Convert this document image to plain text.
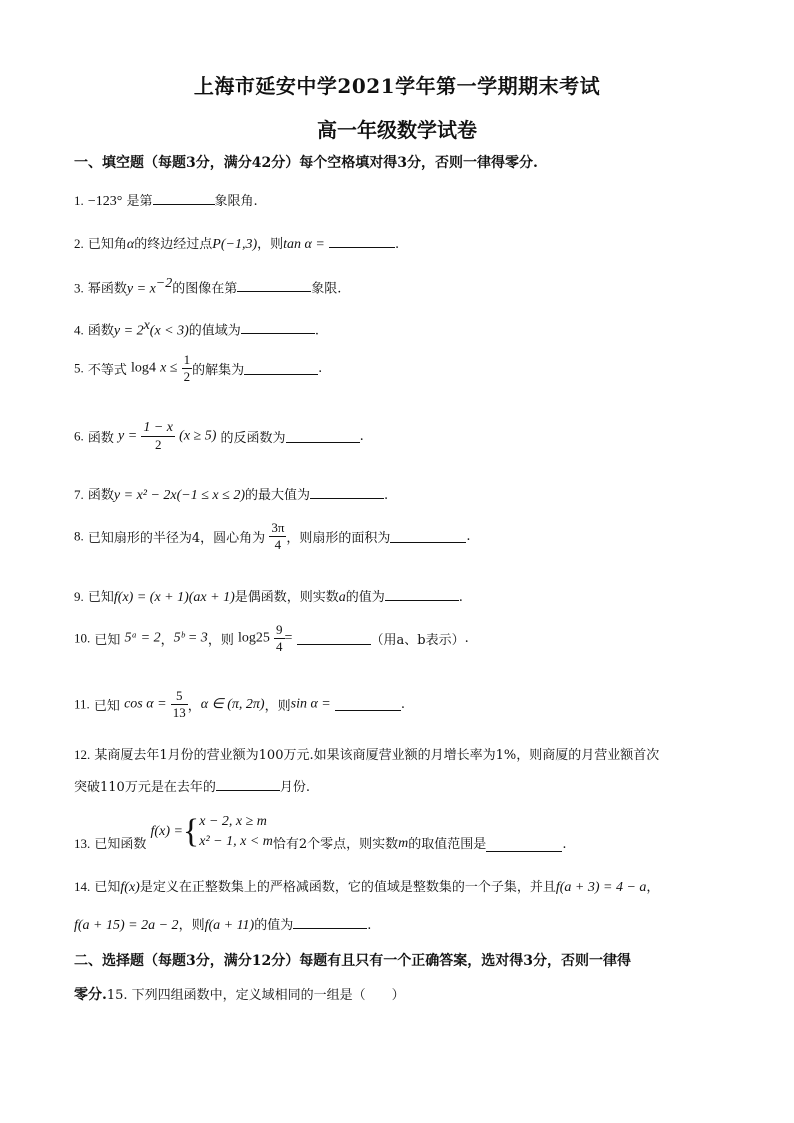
上海市延安中学2021学年第一学期期末考试
高一年级数学试卷
一、填空题（每题3分，满分42分）每个空格填对得3分，否则一律得零分.
1. −123° 是第	象限角.
2. 已知角α的终边经过点P(−1,3)，则tan α =	.
3. 幂函数$y = x^{-2}$的图像在第	象限.
4. 函数$y = 2^x(x < 3)$的值域为	.
5. 不等式 log4 $x \le \frac{1}{2}$ 的解集为	.
6. 函数 $y = \frac{1 - x}{2} (x \ge 5)$ 的反函数为	.
7. 函数y = x² − 2x(−1 ≤ x ≤ 2)的最大值为	.
8. 已知扇形的半径为4，圆心角为 $\frac{3\pi}{4}$ ，则扇形的面积为	.
9. 已知f(x) = (x + 1)(ax + 1)是偶函数，则实数a的值为	.
10. 已知 5ᵃ = 2，5ᵇ = 3，则 $\log 25 \frac{9}{4}$ =	（用a、b表示）.
11. 已知 $\cos \alpha = \frac{5}{13}$ ，α ∈ (π, 2π)，则sin α =	.
12. 某商厦去年1月份的营业额为100万元.如果该商厦营业额的月增长率为1%，则商厦的月营业额首次
突破110万元是在去年的	月份.
13. 已知函数 f(x) ={ x − 2, x ≥ m
x² − 1, x < m 恰有2个零点，则实数m的取值范围是	.
14. 已知f(x)是定义在正整数集上的严格减函数，它的值域是整数集的一个子集，并且f(a + 3) = 4 − a，
f(a + 15) = 2a − 2，则f(a + 11)的值为	.
二、选择题（每题3分，满分12分）每题有且只有一个正确答案，选对得3分，否则一律得
零分.15. 下列四组函数中，定义域相同的一组是（　　）
